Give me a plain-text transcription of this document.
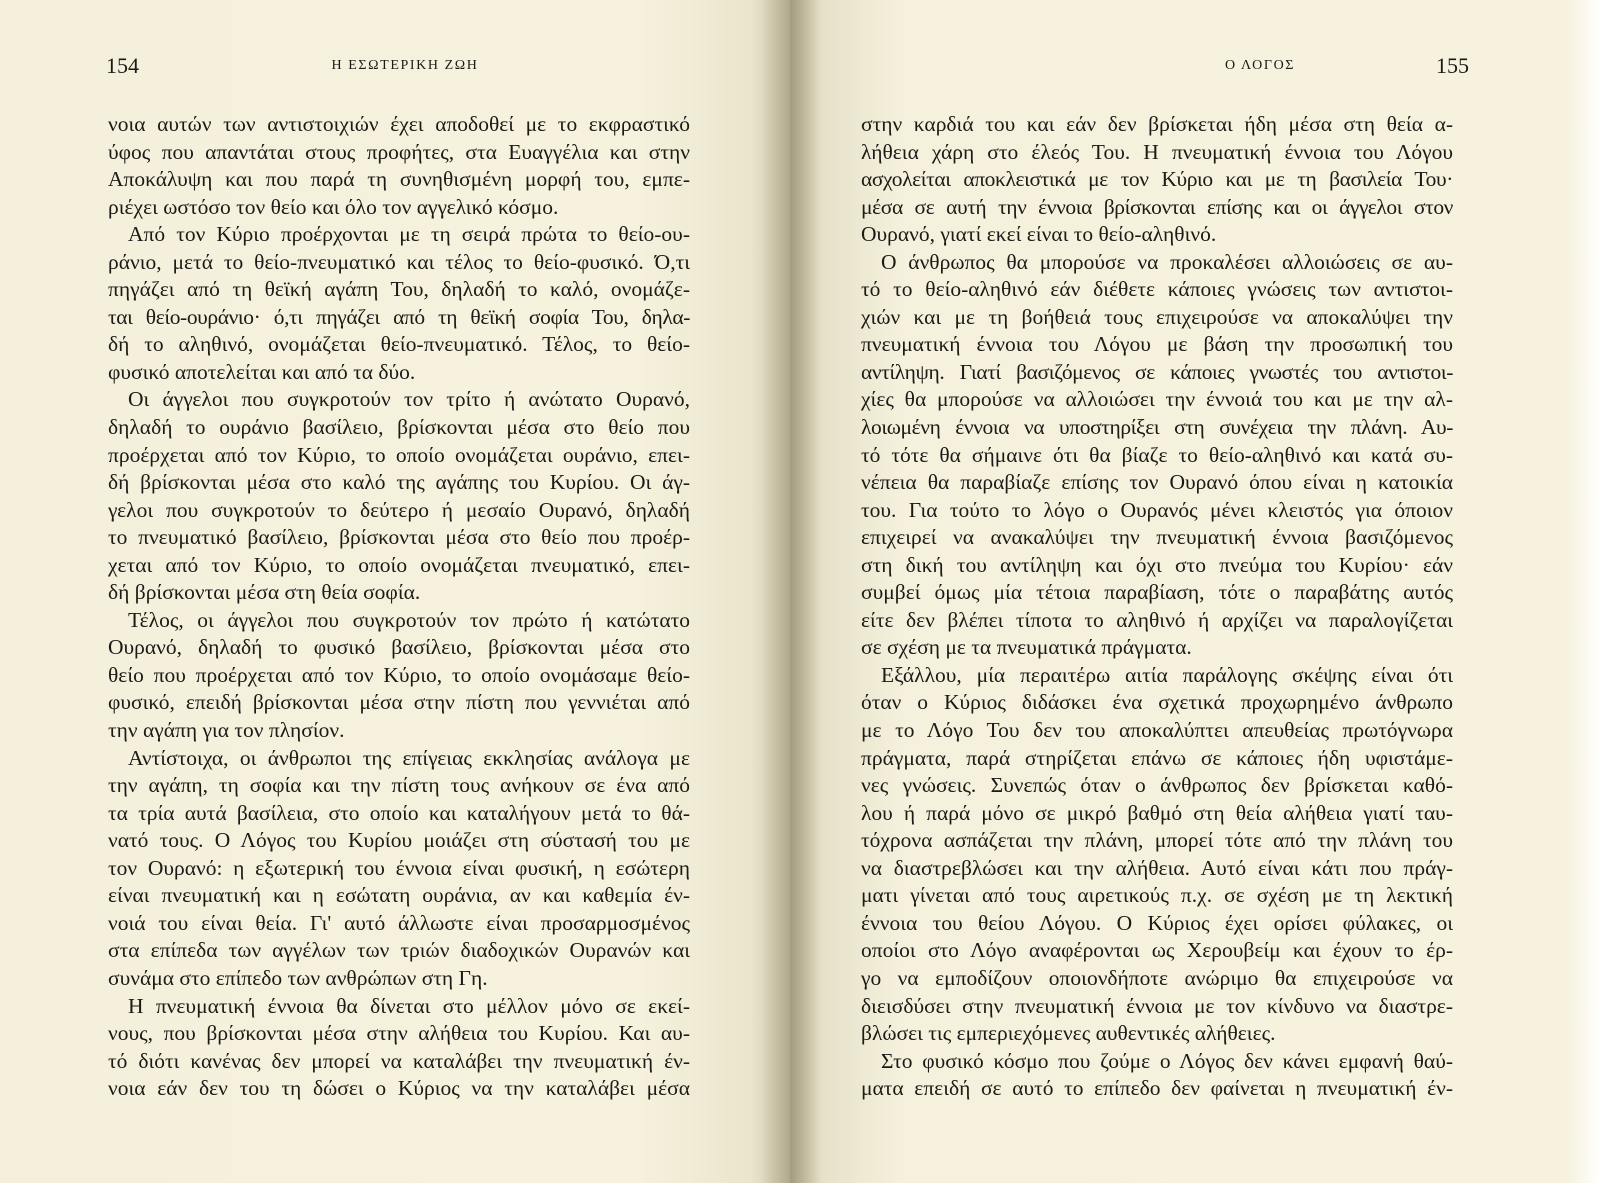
154	Η ΕΣΩΤΕΡΙΚΗ ΖΩΗ
νοια αυτών των αντιστοιχιών έχει αποδοθεί με το εκφραστικό
ύφος που απαντάται στους προφήτες, στα Ευαγγέλια και στην
Αποκάλυψη και που παρά τη συνηθισμένη μορφή του, εμπε-
ριέχει ωστόσο τον θείο και όλο τον αγγελικό κόσμο.
Από τον Κύριο προέρχονται με τη σειρά πρώτα το θείο-ου-
ράνιο, μετά το θείο-πνευματικό και τέλος το θείο-φυσικό. Ό,τι
πηγάζει από τη θεϊκή αγάπη Του, δηλαδή το καλό, ονομάζε-
ται θείο-ουράνιο· ό,τι πηγάζει από τη θεϊκή σοφία Του, δηλα-
δή το αληθινό, ονομάζεται θείο-πνευματικό. Τέλος, το θείο-
φυσικό αποτελείται και από τα δύο.
Οι άγγελοι που συγκροτούν τον τρίτο ή ανώτατο Ουρανό,
δηλαδή το ουράνιο βασίλειο, βρίσκονται μέσα στο θείο που
προέρχεται από τον Κύριο, το οποίο ονομάζεται ουράνιο, επει-
δή βρίσκονται μέσα στο καλό της αγάπης του Κυρίου. Οι άγ-
γελοι που συγκροτούν το δεύτερο ή μεσαίο Ουρανό, δηλαδή
το πνευματικό βασίλειο, βρίσκονται μέσα στο θείο που προέρ-
χεται από τον Κύριο, το οποίο ονομάζεται πνευματικό, επει-
δή βρίσκονται μέσα στη θεία σοφία.
Τέλος, οι άγγελοι που συγκροτούν τον πρώτο ή κατώτατο
Ουρανό, δηλαδή το φυσικό βασίλειο, βρίσκονται μέσα στο
θείο που προέρχεται από τον Κύριο, το οποίο ονομάσαμε θείο-
φυσικό, επειδή βρίσκονται μέσα στην πίστη που γεννιέται από
την αγάπη για τον πλησίον.
Αντίστοιχα, οι άνθρωποι της επίγειας εκκλησίας ανάλογα με
την αγάπη, τη σοφία και την πίστη τους ανήκουν σε ένα από
τα τρία αυτά βασίλεια, στο οποίο και καταλήγουν μετά το θά-
νατό τους. Ο Λόγος του Κυρίου μοιάζει στη σύστασή του με
τον Ουρανό: η εξωτερική του έννοια είναι φυσική, η εσώτερη
είναι πνευματική και η εσώτατη ουράνια, αν και καθεμία έν-
νοιά του είναι θεία. Γι' αυτό άλλωστε είναι προσαρμοσμένος
στα επίπεδα των αγγέλων των τριών διαδοχικών Ουρανών και
συνάμα στο επίπεδο των ανθρώπων στη Γη.
Η πνευματική έννοια θα δίνεται στο μέλλον μόνο σε εκεί-
νους, που βρίσκονται μέσα στην αλήθεια του Κυρίου. Και αυ-
τό διότι κανένας δεν μπορεί να καταλάβει την πνευματική έν-
νοια εάν δεν του τη δώσει ο Κύριος να την καταλάβει μέσα
Ο ΛΟΓΟΣ	155
στην καρδιά του και εάν δεν βρίσκεται ήδη μέσα στη θεία α-
λήθεια χάρη στο έλεός Του. Η πνευματική έννοια του Λόγου
ασχολείται αποκλειστικά με τον Κύριο και με τη βασιλεία Του·
μέσα σε αυτή την έννοια βρίσκονται επίσης και οι άγγελοι στον
Ουρανό, γιατί εκεί είναι το θείο-αληθινό.
Ο άνθρωπος θα μπορούσε να προκαλέσει αλλοιώσεις σε αυ-
τό το θείο-αληθινό εάν διέθετε κάποιες γνώσεις των αντιστοι-
χιών και με τη βοήθειά τους επιχειρούσε να αποκαλύψει την
πνευματική έννοια του Λόγου με βάση την προσωπική του
αντίληψη. Γιατί βασιζόμενος σε κάποιες γνωστές του αντιστοι-
χίες θα μπορούσε να αλλοιώσει την έννοιά του και με την αλ-
λοιωμένη έννοια να υποστηρίξει στη συνέχεια την πλάνη. Αυ-
τό τότε θα σήμαινε ότι θα βίαζε το θείο-αληθινό και κατά συ-
νέπεια θα παραβίαζε επίσης τον Ουρανό όπου είναι η κατοικία
του. Για τούτο το λόγο ο Ουρανός μένει κλειστός για όποιον
επιχειρεί να ανακαλύψει την πνευματική έννοια βασιζόμενος
στη δική του αντίληψη και όχι στο πνεύμα του Κυρίου· εάν
συμβεί όμως μία τέτοια παραβίαση, τότε ο παραβάτης αυτός
είτε δεν βλέπει τίποτα το αληθινό ή αρχίζει να παραλογίζεται
σε σχέση με τα πνευματικά πράγματα.
Εξάλλου, μία περαιτέρω αιτία παράλογης σκέψης είναι ότι
όταν ο Κύριος διδάσκει ένα σχετικά προχωρημένο άνθρωπο
με το Λόγο Του δεν του αποκαλύπτει απευθείας πρωτόγνωρα
πράγματα, παρά στηρίζεται επάνω σε κάποιες ήδη υφιστάμε-
νες γνώσεις. Συνεπώς όταν ο άνθρωπος δεν βρίσκεται καθό-
λου ή παρά μόνο σε μικρό βαθμό στη θεία αλήθεια γιατί ταυ-
τόχρονα ασπάζεται την πλάνη, μπορεί τότε από την πλάνη του
να διαστρεβλώσει και την αλήθεια. Αυτό είναι κάτι που πράγ-
ματι γίνεται από τους αιρετικούς π.χ. σε σχέση με τη λεκτική
έννοια του θείου Λόγου. Ο Κύριος έχει ορίσει φύλακες, οι
οποίοι στο Λόγο αναφέρονται ως Χερουβείμ και έχουν το έρ-
γο να εμποδίζουν οποιονδήποτε ανώριμο θα επιχειρούσε να
διεισδύσει στην πνευματική έννοια με τον κίνδυνο να διαστρε-
βλώσει τις εμπεριεχόμενες αυθεντικές αλήθειες.
Στο φυσικό κόσμο που ζούμε ο Λόγος δεν κάνει εμφανή θαύ-
ματα επειδή σε αυτό το επίπεδο δεν φαίνεται η πνευματική έν-
